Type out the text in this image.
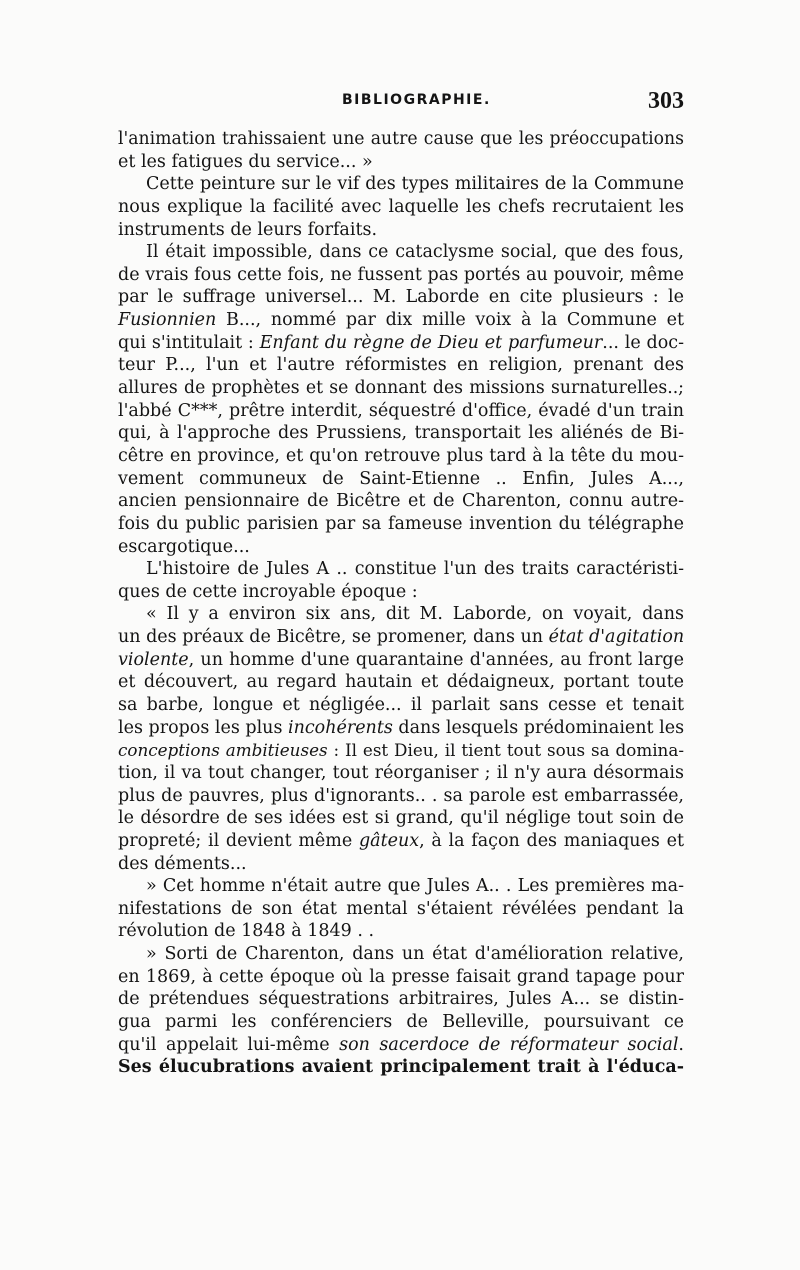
BIBLIOGRAPHIE.	303
l'animation trahissaient une autre cause que les préoccupations
et les fatigues du service... »
Cette peinture sur le vif des types militaires de la Commune
nous explique la facilité avec laquelle les chefs recrutaient les
instruments de leurs forfaits.
Il était impossible, dans ce cataclysme social, que des fous,
de vrais fous cette fois, ne fussent pas portés au pouvoir, même
par le suffrage universel... M. Laborde en cite plusieurs : le
Fusionnien B..., nommé par dix mille voix à la Commune et
qui s'intitulait : Enfant du règne de Dieu et parfumeur... le doc-
teur P..., l'un et l'autre réformistes en religion, prenant des
allures de prophètes et se donnant des missions surnaturelles..;
l'abbé C***, prêtre interdit, séquestré d'office, évadé d'un train
qui, à l'approche des Prussiens, transportait les aliénés de Bi-
cêtre en province, et qu'on retrouve plus tard à la tête du mou-
vement communeux de Saint-Etienne .. Enfin, Jules A...,
ancien pensionnaire de Bicêtre et de Charenton, connu autre-
fois du public parisien par sa fameuse invention du télégraphe
escargotique...
L'histoire de Jules A .. constitue l'un des traits caractéristi-
ques de cette incroyable époque :
« Il y a environ six ans, dit M. Laborde, on voyait, dans
un des préaux de Bicêtre, se promener, dans un état d'agitation
violente, un homme d'une quarantaine d'années, au front large
et découvert, au regard hautain et dédaigneux, portant toute
sa barbe, longue et négligée... il parlait sans cesse et tenait
les propos les plus incohérents dans lesquels prédominaient les
conceptions ambitieuses : Il est Dieu, il tient tout sous sa domina-
tion, il va tout changer, tout réorganiser ; il n'y aura désormais
plus de pauvres, plus d'ignorants.. . sa parole est embarrassée,
le désordre de ses idées est si grand, qu'il néglige tout soin de
propreté; il devient même gâteux, à la façon des maniaques et
des déments...
» Cet homme n'était autre que Jules A.. . Les premières ma-
nifestations de son état mental s'étaient révélées pendant la
révolution de 1848 à 1849 . .
» Sorti de Charenton, dans un état d'amélioration relative,
en 1869, à cette époque où la presse faisait grand tapage pour
de prétendues séquestrations arbitraires, Jules A... se distin-
gua parmi les conférenciers de Belleville, poursuivant ce
qu'il appelait lui-même son sacerdoce de réformateur social.
Ses élucubrations avaient principalement trait à l'éduca-
